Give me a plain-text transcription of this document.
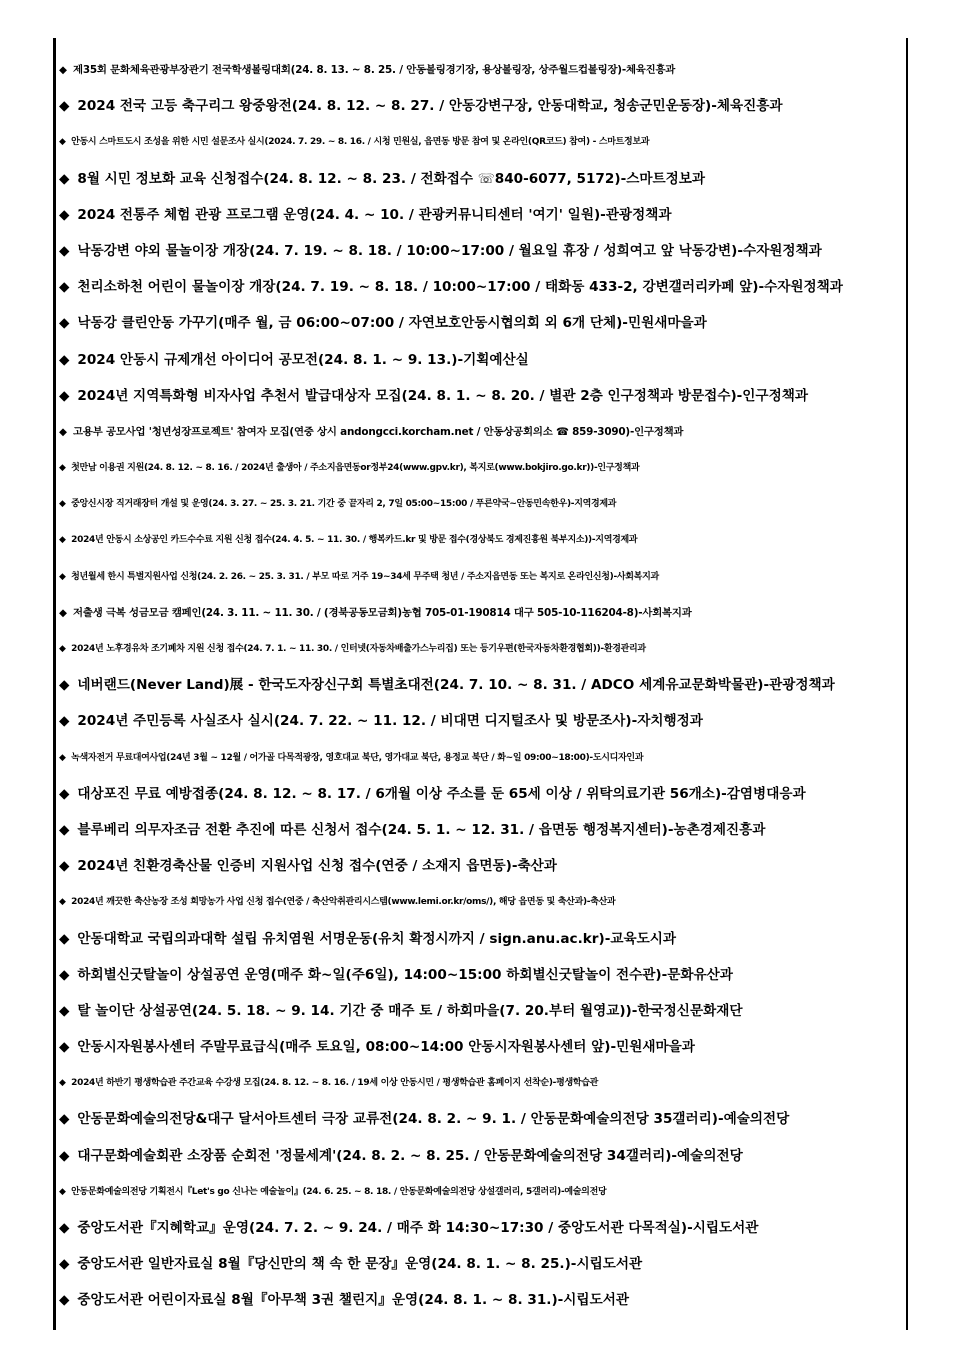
◆ 제35회 문화체육관광부장관기 전국학생볼링대회(24. 8. 13. ~ 8. 25. / 안동볼링경기장, 용상볼링장, 상주월드컵볼링장)-체육진흥과
◆ 2024 전국 고등 축구리그 왕중왕전(24. 8. 12. ~ 8. 27. / 안동강변구장, 안동대학교, 청송군민운동장)-체육진흥과
◆ 안동시 스마트도시 조성을 위한 시민 설문조사 실시(2024. 7. 29. ~ 8. 16. / 시청 민원실, 읍면동 방문 참여 및 온라인(QR코드) 참여) - 스마트정보과
◆ 8월 시민 정보화 교육 신청접수(24. 8. 12. ~ 8. 23. / 전화접수 ☏840-6077, 5172)-스마트정보과
◆ 2024 전통주 체험 관광 프로그램 운영(24. 4. ~ 10. / 관광커뮤니티센터 '여기' 일원)-관광정책과
◆ 낙동강변 야외 물놀이장 개장(24. 7. 19. ~ 8. 18. / 10:00~17:00 / 월요일 휴장 / 성희여고 앞 낙동강변)-수자원정책과
◆ 천리소하천 어린이 물놀이장 개장(24. 7. 19. ~ 8. 18. / 10:00~17:00 / 태화동 433-2, 강변갤러리카페 앞)-수자원정책과
◆ 낙동강 클린안동 가꾸기(매주 월, 금 06:00~07:00 / 자연보호안동시협의회 외 6개 단체)-민원새마을과
◆ 2024 안동시 규제개선 아이디어 공모전(24. 8. 1. ~ 9. 13.)-기획예산실
◆ 2024년 지역특화형 비자사업 추천서 발급대상자 모집(24. 8. 1. ~ 8. 20. / 별관 2층 인구정책과 방문접수)-인구정책과
◆ 고용부 공모사업 '청년성장프로젝트' 참여자 모집(연중 상시 andongcci.korcham.net / 안동상공회의소 ☎ 859-3090)-인구정책과
◆ 첫만남 이용권 지원(24. 8. 12. ~ 8. 16. / 2024년 출생아 / 주소지읍면동or정부24(www.gpv.kr), 복지로(www.bokjiro.go.kr))-인구정책과
◆ 중앙신시장 직거래장터 개설 및 운영(24. 3. 27. ~ 25. 3. 21. 기간 중 끝자리 2, 7일 05:00~15:00 / 푸른약국~안동민속한우)-지역경제과
◆ 2024년 안동시 소상공인 카드수수료 지원 신청 접수(24. 4. 5. ~ 11. 30. / 행복카드.kr 및 방문 접수(경상북도 경제진흥원 북부지소))-지역경제과
◆ 청년월세 한시 특별지원사업 신청(24. 2. 26. ~ 25. 3. 31. / 부모 따로 거주 19~34세 무주택 청년 / 주소지읍면동 또는 복지로 온라인신청)-사회복지과
◆ 저출생 극복 성금모금 캠페인(24. 3. 11. ~ 11. 30. / (경북공동모금회)농협 705-01-190814 대구 505-10-116204-8)-사회복지과
◆ 2024년 노후경유차 조기폐차 지원 신청 접수(24. 7. 1. ~ 11. 30. / 인터넷(자동차배출가스누리집) 또는 등기우편(한국자동차환경협회))-환경관리과
◆ 네버랜드(Never Land)展 - 한국도자장신구회 특별초대전(24. 7. 10. ~ 8. 31. / ADCO 세계유교문화박물관)-관광정책과
◆ 2024년 주민등록 사실조사 실시(24. 7. 22. ~ 11. 12. / 비대면 디지털조사 및 방문조사)-자치행정과
◆ 녹색자전거 무료대여사업(24년 3월 ~ 12월 / 어가골 다목적광장, 영호대교 북단, 영가대교 북단, 용정교 북단 / 화~일 09:00~18:00)-도시디자인과
◆ 대상포진 무료 예방접종(24. 8. 12. ~ 8. 17. / 6개월 이상 주소를 둔 65세 이상 / 위탁의료기관 56개소)-감염병대응과
◆ 블루베리 의무자조금 전환 추진에 따른 신청서 접수(24. 5. 1. ~ 12. 31. / 읍면동 행정복지센터)-농촌경제진흥과
◆ 2024년 친환경축산물 인증비 지원사업 신청 접수(연중 / 소재지 읍면동)-축산과
◆ 2024년 깨끗한 축산농장 조성 희망농가 사업 신청 접수(연중 / 축산악취관리시스템(www.lemi.or.kr/oms/), 해당 읍면동 및 축산과)-축산과
◆ 안동대학교 국립의과대학 설립 유치염원 서명운동(유치 확정시까지 / sign.anu.ac.kr)-교육도시과
◆ 하회별신굿탈놀이 상설공연 운영(매주 화~일(주6일), 14:00~15:00 하회별신굿탈놀이 전수관)-문화유산과
◆ 탈 놀이단 상설공연(24. 5. 18. ~ 9. 14. 기간 중 매주 토 / 하회마을(7. 20.부터 월영교))-한국정신문화재단
◆ 안동시자원봉사센터 주말무료급식(매주 토요일, 08:00~14:00 안동시자원봉사센터 앞)-민원새마을과
◆ 2024년 하반기 평생학습관 주간교육 수강생 모집(24. 8. 12. ~ 8. 16. / 19세 이상 안동시민 / 평생학습관 홈페이지 선착순)-평생학습관
◆ 안동문화예술의전당&대구 달서아트센터 극장 교류전(24. 8. 2. ~ 9. 1. / 안동문화예술의전당 35갤러리)-예술의전당
◆ 대구문화예술회관 소장품 순회전 '정물세계'(24. 8. 2. ~ 8. 25. / 안동문화예술의전당 34갤러리)-예술의전당
◆ 안동문화예술의전당 기획전시『Let's go 신나는 예술놀이』(24. 6. 25. ~ 8. 18. / 안동문화예술의전당 상설갤러리, 5갤러리)-예술의전당
◆ 중앙도서관『지혜학교』운영(24. 7. 2. ~ 9. 24. / 매주 화 14:30~17:30 / 중앙도서관 다목적실)-시립도서관
◆ 중앙도서관 일반자료실 8월『당신만의 책 속 한 문장』운영(24. 8. 1. ~ 8. 25.)-시립도서관
◆ 중앙도서관 어린이자료실 8월『아무책 3권 챌린지』운영(24. 8. 1. ~ 8. 31.)-시립도서관
